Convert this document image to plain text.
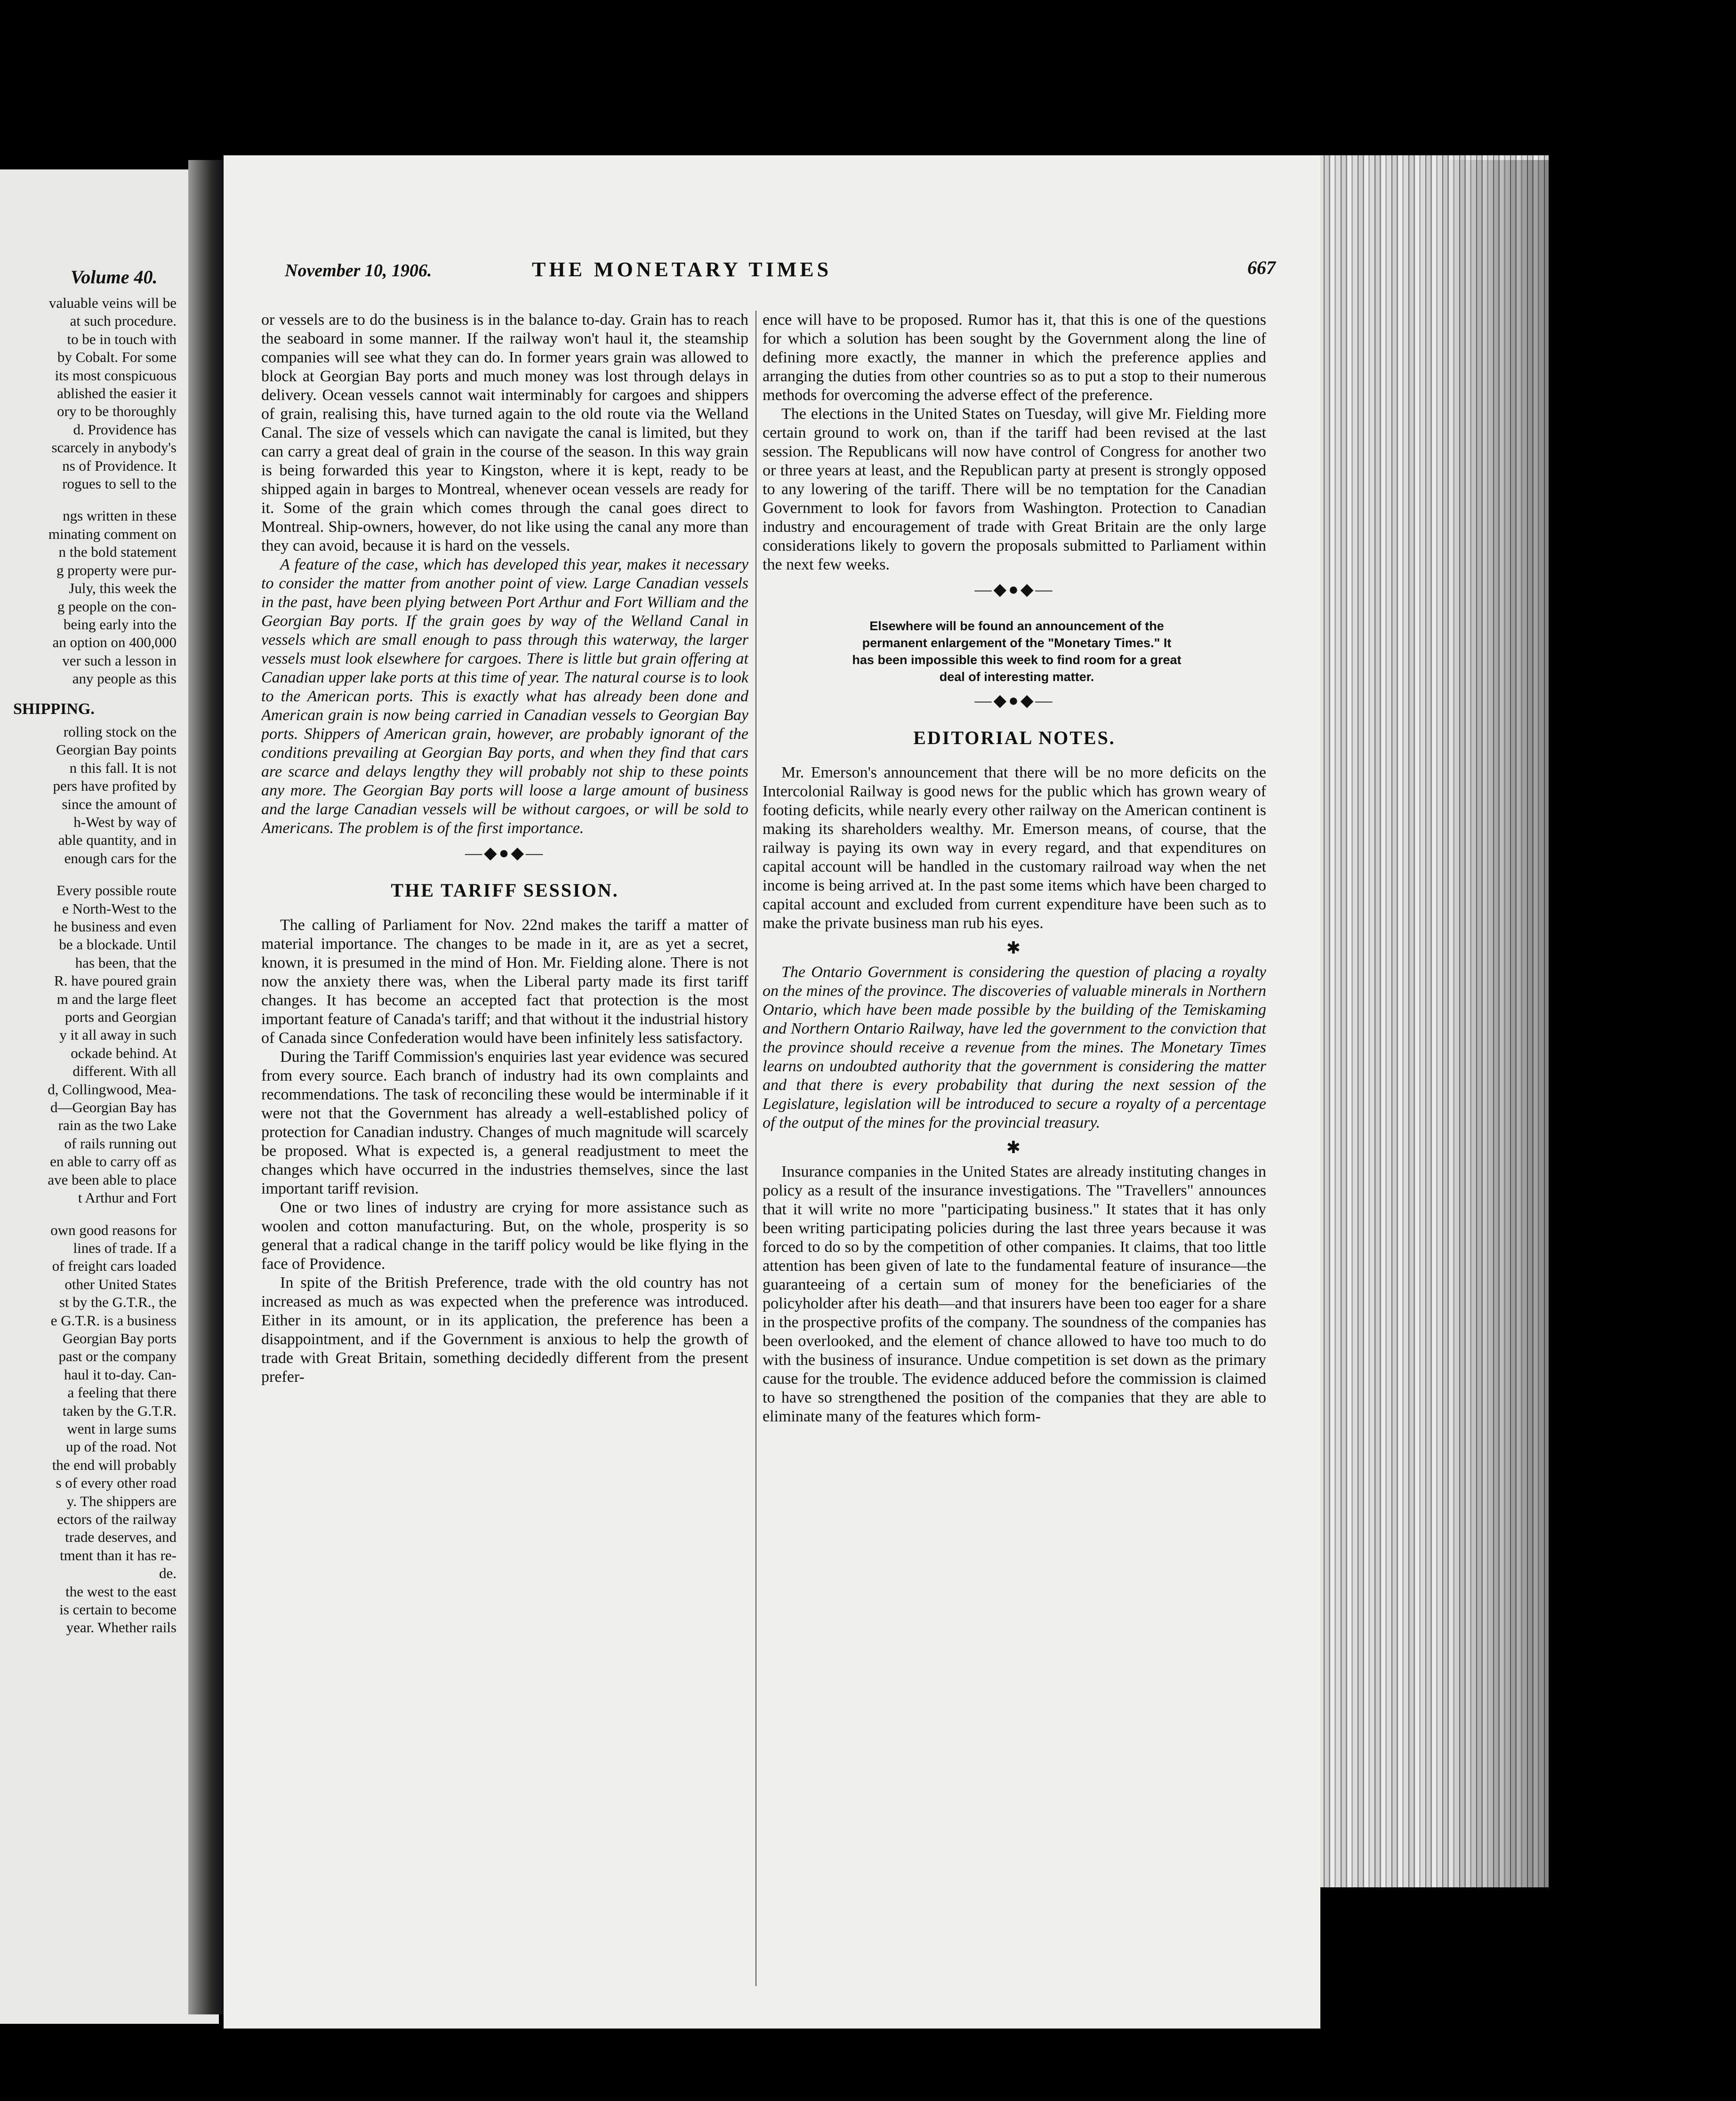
Volume 40.
valuable veins will be
at such procedure.
to be in touch with
by Cobalt. For some
its most conspicuous
ablished the easier it
ory to be thoroughly
d. Providence has
scarcely in anybody's
ns of Providence. It
rogues to sell to the
ngs written in these
minating comment on
n the bold statement
g property were pur-
July, this week the
g people on the con-
being early into the
an option on 400,000
ver such a lesson in
any people as this
SHIPPING.
rolling stock on the
Georgian Bay points
n this fall. It is not
pers have profited by
since the amount of
h-West by way of
able quantity, and in
enough cars for the
Every possible route
e North-West to the
he business and even
be a blockade. Until
has been, that the
R. have poured grain
m and the large fleet
ports and Georgian
y it all away in such
ockade behind. At
different. With all
d, Collingwood, Mea-
d—Georgian Bay has
rain as the two Lake
of rails running out
en able to carry off as
ave been able to place
t Arthur and Fort
own good reasons for
lines of trade. If a
of freight cars loaded
other United States
st by the G.T.R., the
e G.T.R. is a business
Georgian Bay ports
past or the company
haul it to-day. Can-
a feeling that there
taken by the G.T.R.
went in large sums
up of the road. Not
the end will probably
s of every other road
y. The shippers are
ectors of the railway
trade deserves, and
tment than it has re-
de.
the west to the east
is certain to become
year. Whether rails
November 10, 1906.	THE MONETARY TIMES	667

or vessels are to do the business is in the balance to-day. Grain has to reach the seaboard in some manner. If the railway won't haul it, the steamship companies will see what they can do. In former years grain was allowed to block at Georgian Bay ports and much money was lost through delays in delivery. Ocean vessels cannot wait interminably for cargoes and shippers of grain, realising this, have turned again to the old route via the Welland Canal. The size of vessels which can navigate the canal is limited, but they can carry a great deal of grain in the course of the season. In this way grain is being forwarded this year to Kingston, where it is kept, ready to be shipped again in barges to Montreal, whenever ocean vessels are ready for it. Some of the grain which comes through the canal goes direct to Montreal. Ship-owners, however, do not like using the canal any more than they can avoid, because it is hard on the vessels.

A feature of the case, which has developed this year, makes it necessary to consider the matter from another point of view. Large Canadian vessels in the past, have been plying between Port Arthur and Fort William and the Georgian Bay ports. If the grain goes by way of the Welland Canal in vessels which are small enough to pass through this waterway, the larger vessels must look elsewhere for cargoes. There is little but grain offering at Canadian upper lake ports at this time of year. The natural course is to look to the American ports. This is exactly what has already been done and American grain is now being carried in Canadian vessels to Georgian Bay ports. Shippers of American grain, however, are probably ignorant of the conditions prevailing at Georgian Bay ports, and when they find that cars are scarce and delays lengthy they will probably not ship to these points any more. The Georgian Bay ports will loose a large amount of business and the large Canadian vessels will be without cargoes, or will be sold to Americans. The problem is of the first importance.

—◆●◆—
THE TARIFF SESSION.

The calling of Parliament for Nov. 22nd makes the tariff a matter of material importance. The changes to be made in it, are as yet a secret, known, it is presumed in the mind of Hon. Mr. Fielding alone. There is not now the anxiety there was, when the Liberal party made its first tariff changes. It has become an accepted fact that protection is the most important feature of Canada's tariff; and that without it the industrial history of Canada since Confederation would have been infinitely less satisfactory.

During the Tariff Commission's enquiries last year evidence was secured from every source. Each branch of industry had its own complaints and recommendations. The task of reconciling these would be interminable if it were not that the Government has already a well-established policy of protection for Canadian industry. Changes of much magnitude will scarcely be proposed. What is expected is, a general readjustment to meet the changes which have occurred in the industries themselves, since the last important tariff revision.

One or two lines of industry are crying for more assistance such as woolen and cotton manufacturing. But, on the whole, prosperity is so general that a radical change in the tariff policy would be like flying in the face of Providence.

In spite of the British Preference, trade with the old country has not increased as much as was expected when the preference was introduced. Either in its amount, or in its application, the preference has been a disappointment, and if the Government is anxious to help the growth of trade with Great Britain, something decidedly different from the present prefer-

ence will have to be proposed. Rumor has it, that this is one of the questions for which a solution has been sought by the Government along the line of defining more exactly, the manner in which the preference applies and arranging the duties from other countries so as to put a stop to their numerous methods for overcoming the adverse effect of the preference.

The elections in the United States on Tuesday, will give Mr. Fielding more certain ground to work on, than if the tariff had been revised at the last session. The Republicans will now have control of Congress for another two or three years at least, and the Republican party at present is strongly opposed to any lowering of the tariff. There will be no temptation for the Canadian Government to look for favors from Washington. Protection to Canadian industry and encouragement of trade with Great Britain are the only large considerations likely to govern the proposals submitted to Parliament within the next few weeks.

—◆●◆—
Elsewhere will be found an announcement of the
permanent enlargement of the "Monetary Times." It
has been impossible this week to find room for a great
deal of interesting matter.
—◆●◆—
EDITORIAL NOTES.

Mr. Emerson's announcement that there will be no more deficits on the Intercolonial Railway is good news for the public which has grown weary of footing deficits, while nearly every other railway on the American continent is making its shareholders wealthy. Mr. Emerson means, of course, that the railway is paying its own way in every regard, and that expenditures on capital account will be handled in the customary railroad way when the net income is being arrived at. In the past some items which have been charged to capital account and excluded from current expenditure have been such as to make the private business man rub his eyes.

✱

The Ontario Government is considering the question of placing a royalty on the mines of the province. The discoveries of valuable minerals in Northern Ontario, which have been made possible by the building of the Temiskaming and Northern Ontario Railway, have led the government to the conviction that the province should receive a revenue from the mines. The Monetary Times learns on undoubted authority that the government is considering the matter and that there is every probability that during the next session of the Legislature, legislation will be introduced to secure a royalty of a percentage of the output of the mines for the provincial treasury.

✱

Insurance companies in the United States are already instituting changes in policy as a result of the insurance investigations. The "Travellers" announces that it will write no more "participating business." It states that it has only been writing participating policies during the last three years because it was forced to do so by the competition of other companies. It claims, that too little attention has been given of late to the fundamental feature of insurance—the guaranteeing of a certain sum of money for the beneficiaries of the policyholder after his death—and that insurers have been too eager for a share in the prospective profits of the company. The soundness of the companies has been overlooked, and the element of chance allowed to have too much to do with the business of insurance. Undue competition is set down as the primary cause for the trouble. The evidence adduced before the commission is claimed to have so strengthened the position of the companies that they are able to eliminate many of the features which form-
